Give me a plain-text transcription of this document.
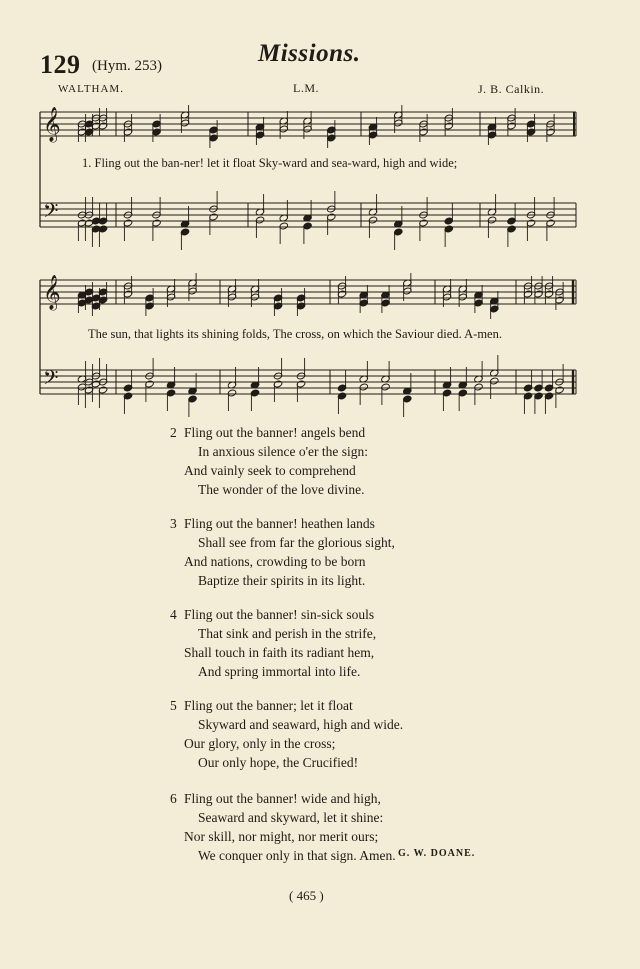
129 (Hym. 253)	Missions.
WALTHAM.	L.M.	J. B. Calkin.
𝄞
𝄢
𝄞
𝄢
1. Fling out the ban-ner! let it float Sky-ward and sea-ward, high and wide;
The sun, that lights its shining folds, The cross, on which the Saviour died. A-men.
2 Fling out the banner! angels bend
In anxious silence o'er the sign:
And vainly seek to comprehend
The wonder of the love divine.
3 Fling out the banner! heathen lands
Shall see from far the glorious sight,
And nations, crowding to be born
Baptize their spirits in its light.
4 Fling out the banner! sin-sick souls
That sink and perish in the strife,
Shall touch in faith its radiant hem,
And spring immortal into life.
5 Fling out the banner; let it float
Skyward and seaward, high and wide.
Our glory, only in the cross;
Our only hope, the Crucified!
6 Fling out the banner! wide and high,
Seaward and skyward, let it shine:
Nor skill, nor might, nor merit ours;
We conquer only in that sign. Amen. G. W. DOANE.
( 465 )
